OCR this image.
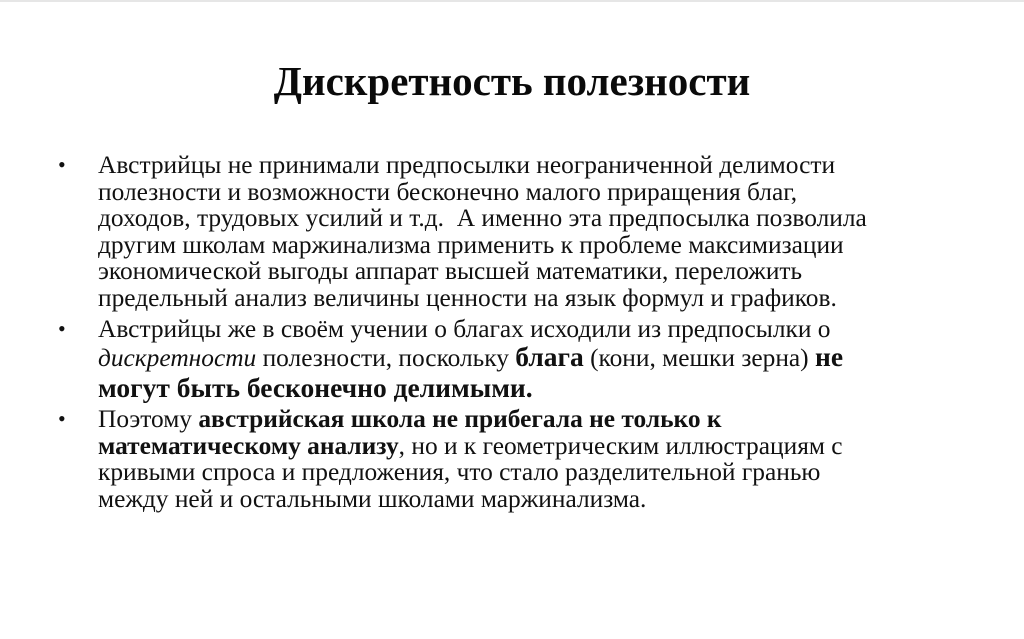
Дискретность полезности
• Австрийцы не принимали предпосылки неограниченной делимости
полезности и возможности бесконечно малого приращения благ,
доходов, трудовых усилий и т.д.  А именно эта предпосылка позволила
другим школам маржинализма применить к проблеме максимизации
экономической выгоды аппарат высшей математики, переложить
предельный анализ величины ценности на язык формул и графиков.
• Австрийцы же в своём учении о благах исходили из предпосылки о
дискретности полезности, поскольку блага (кони, мешки зерна) не
могут быть бесконечно делимыми.
• Поэтому австрийская школа не прибегала не только к
математическому анализу, но и к геометрическим иллюстрациям с
кривыми спроса и предложения, что стало разделительной гранью
между ней и остальными школами маржинализма.
